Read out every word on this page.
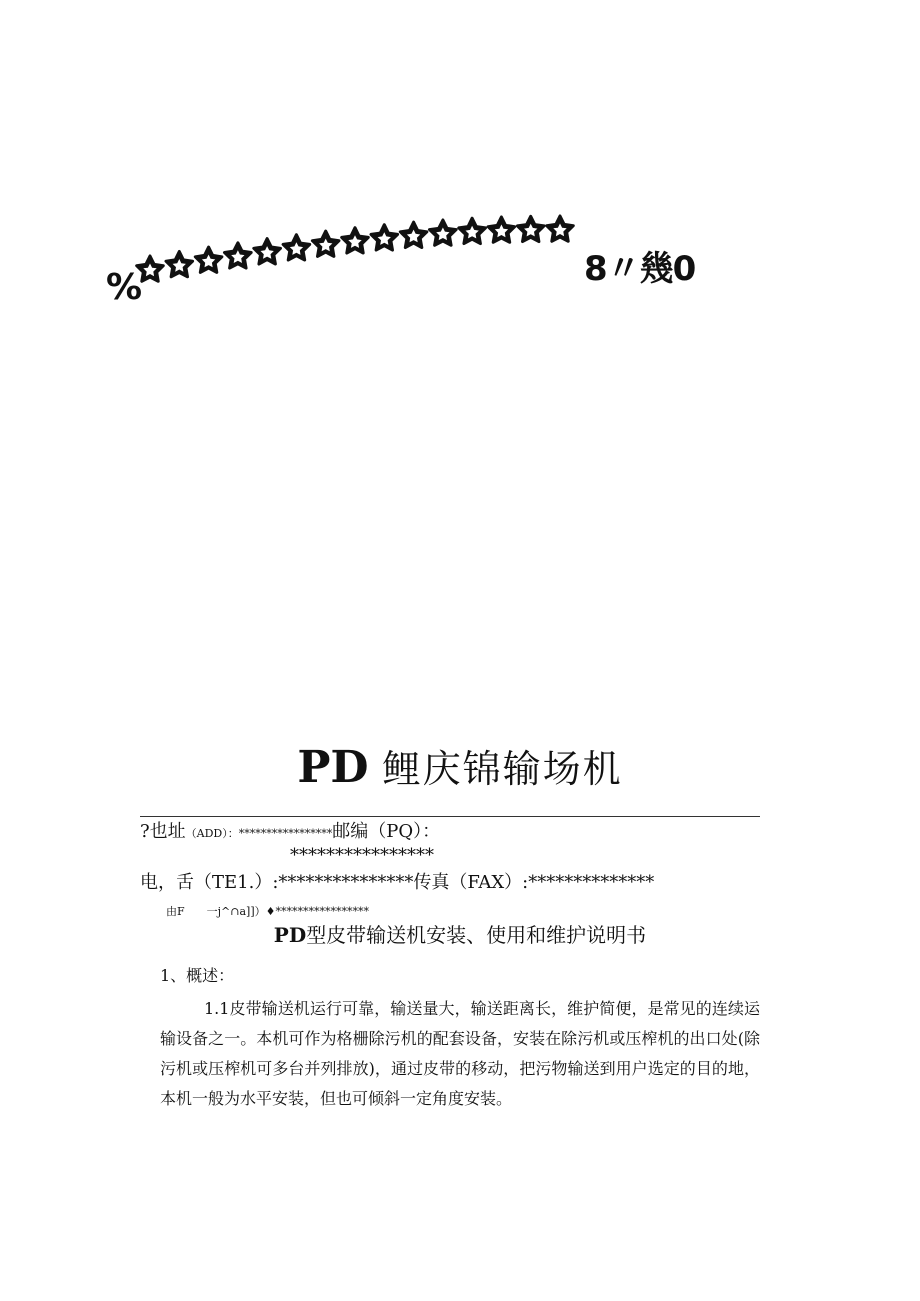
%	8〃幾0
PD 鲤庆锦输场机
?也址（ADD）：*****************邮编（PQ）：
****************
电，舌（TE1.）:***************传真（FAX）:**************
由F　　一j^∩a]]）♦*****************
PD型皮带输送机安装、使用和维护说明书
1、概述：

1.1皮带输送机运行可靠，输送量大，输送距离长，维护简便，是常见的连续运输设备之一。本机可作为格栅除污机的配套设备，安装在除污机或压榨机的出口处(除污机或压榨机可多台并列排放)，通过皮带的移动，把污物输送到用户选定的目的地，本机一般为水平安装，但也可倾斜一定角度安装。
